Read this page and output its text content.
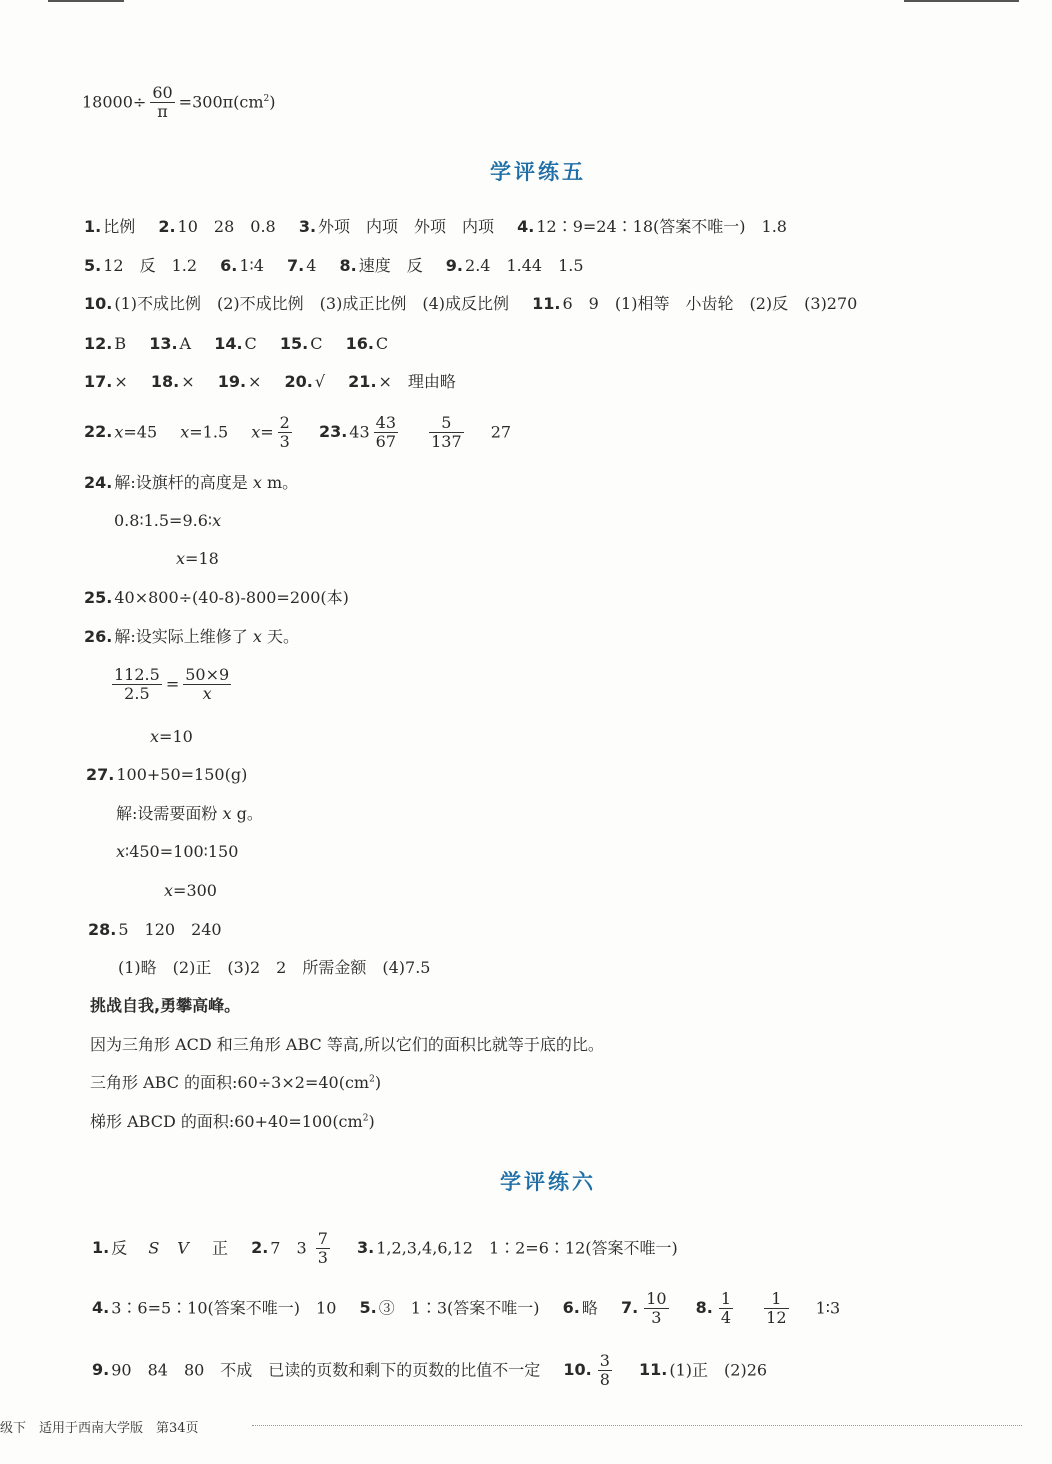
$18000\div \frac{60}{\pi} =300\pi(cm^2)$
学评练五
1. 比例 2. 10　28　0.8 3. 外项　内项　外项　内项 4. 12∶9=24∶18(答案不唯一)　1.8
5. 12　反　1.2 6. 1∶4 7. 4 8. 速度　反 9. 2.4　1.44　1.5
10. (1)不成比例　(2)不成比例　(3)成正比例　(4)成反比例 11. 6　9　(1)相等　小齿轮　(2)反　(3)270
12. B 13. A 14. C 15. C 16. C
17. × 18. × 19. × 20. √ 21. ×　理由略
22. x=45 x=1.5 $x= \frac{2}{3} 23$. $43 \frac{43}{67}$
$\frac{5}{137} 27$
24. 解:设旗杆的高度是 x m。
0.8∶1.5=9.6∶x
x=18
25. 40×800÷(40-8)-800=200(本)
26. 解:设实际上维修了 x 天。
$\frac{112.5}{2.5} = \frac{50\times 9}{x}$
x=10
27. 100+50=150(g)
解:设需要面粉 x g。
x∶450=100∶150
x=300
28. 5　120　240
(1)略　(2)正　(3)2　2　所需金额　(4)7.5
挑战自我,勇攀高峰。
因为三角形 ACD 和三角形 ABC 等高,所以它们的面积比就等于底的比。
三角形 ABC 的面积$:60\div 3\times 2=40(cm^2)$
梯形 ABCD 的面积$:60+40=100(cm^2)$
学评练六
1. 反　 S V 正 2. 7　$3 \frac{7}{3} 3$. 1,2,3,4,6,12　1∶2=6∶12(答案不唯一)
4. 3∶6=5∶10(答案不唯一)　10 5. ③　1∶3(答案不唯一) 6. 略 7. $\frac{10}{3} 8$. $\frac{1}{4}$
$\frac{1}{12}$ 1∶3
9. 90　84　80　不成　已读的页数和剩下的页数的比值不一定 10. $\frac{3}{8} 11$. (1)正　(2)26
级下　适用于西南大学版　第34页
